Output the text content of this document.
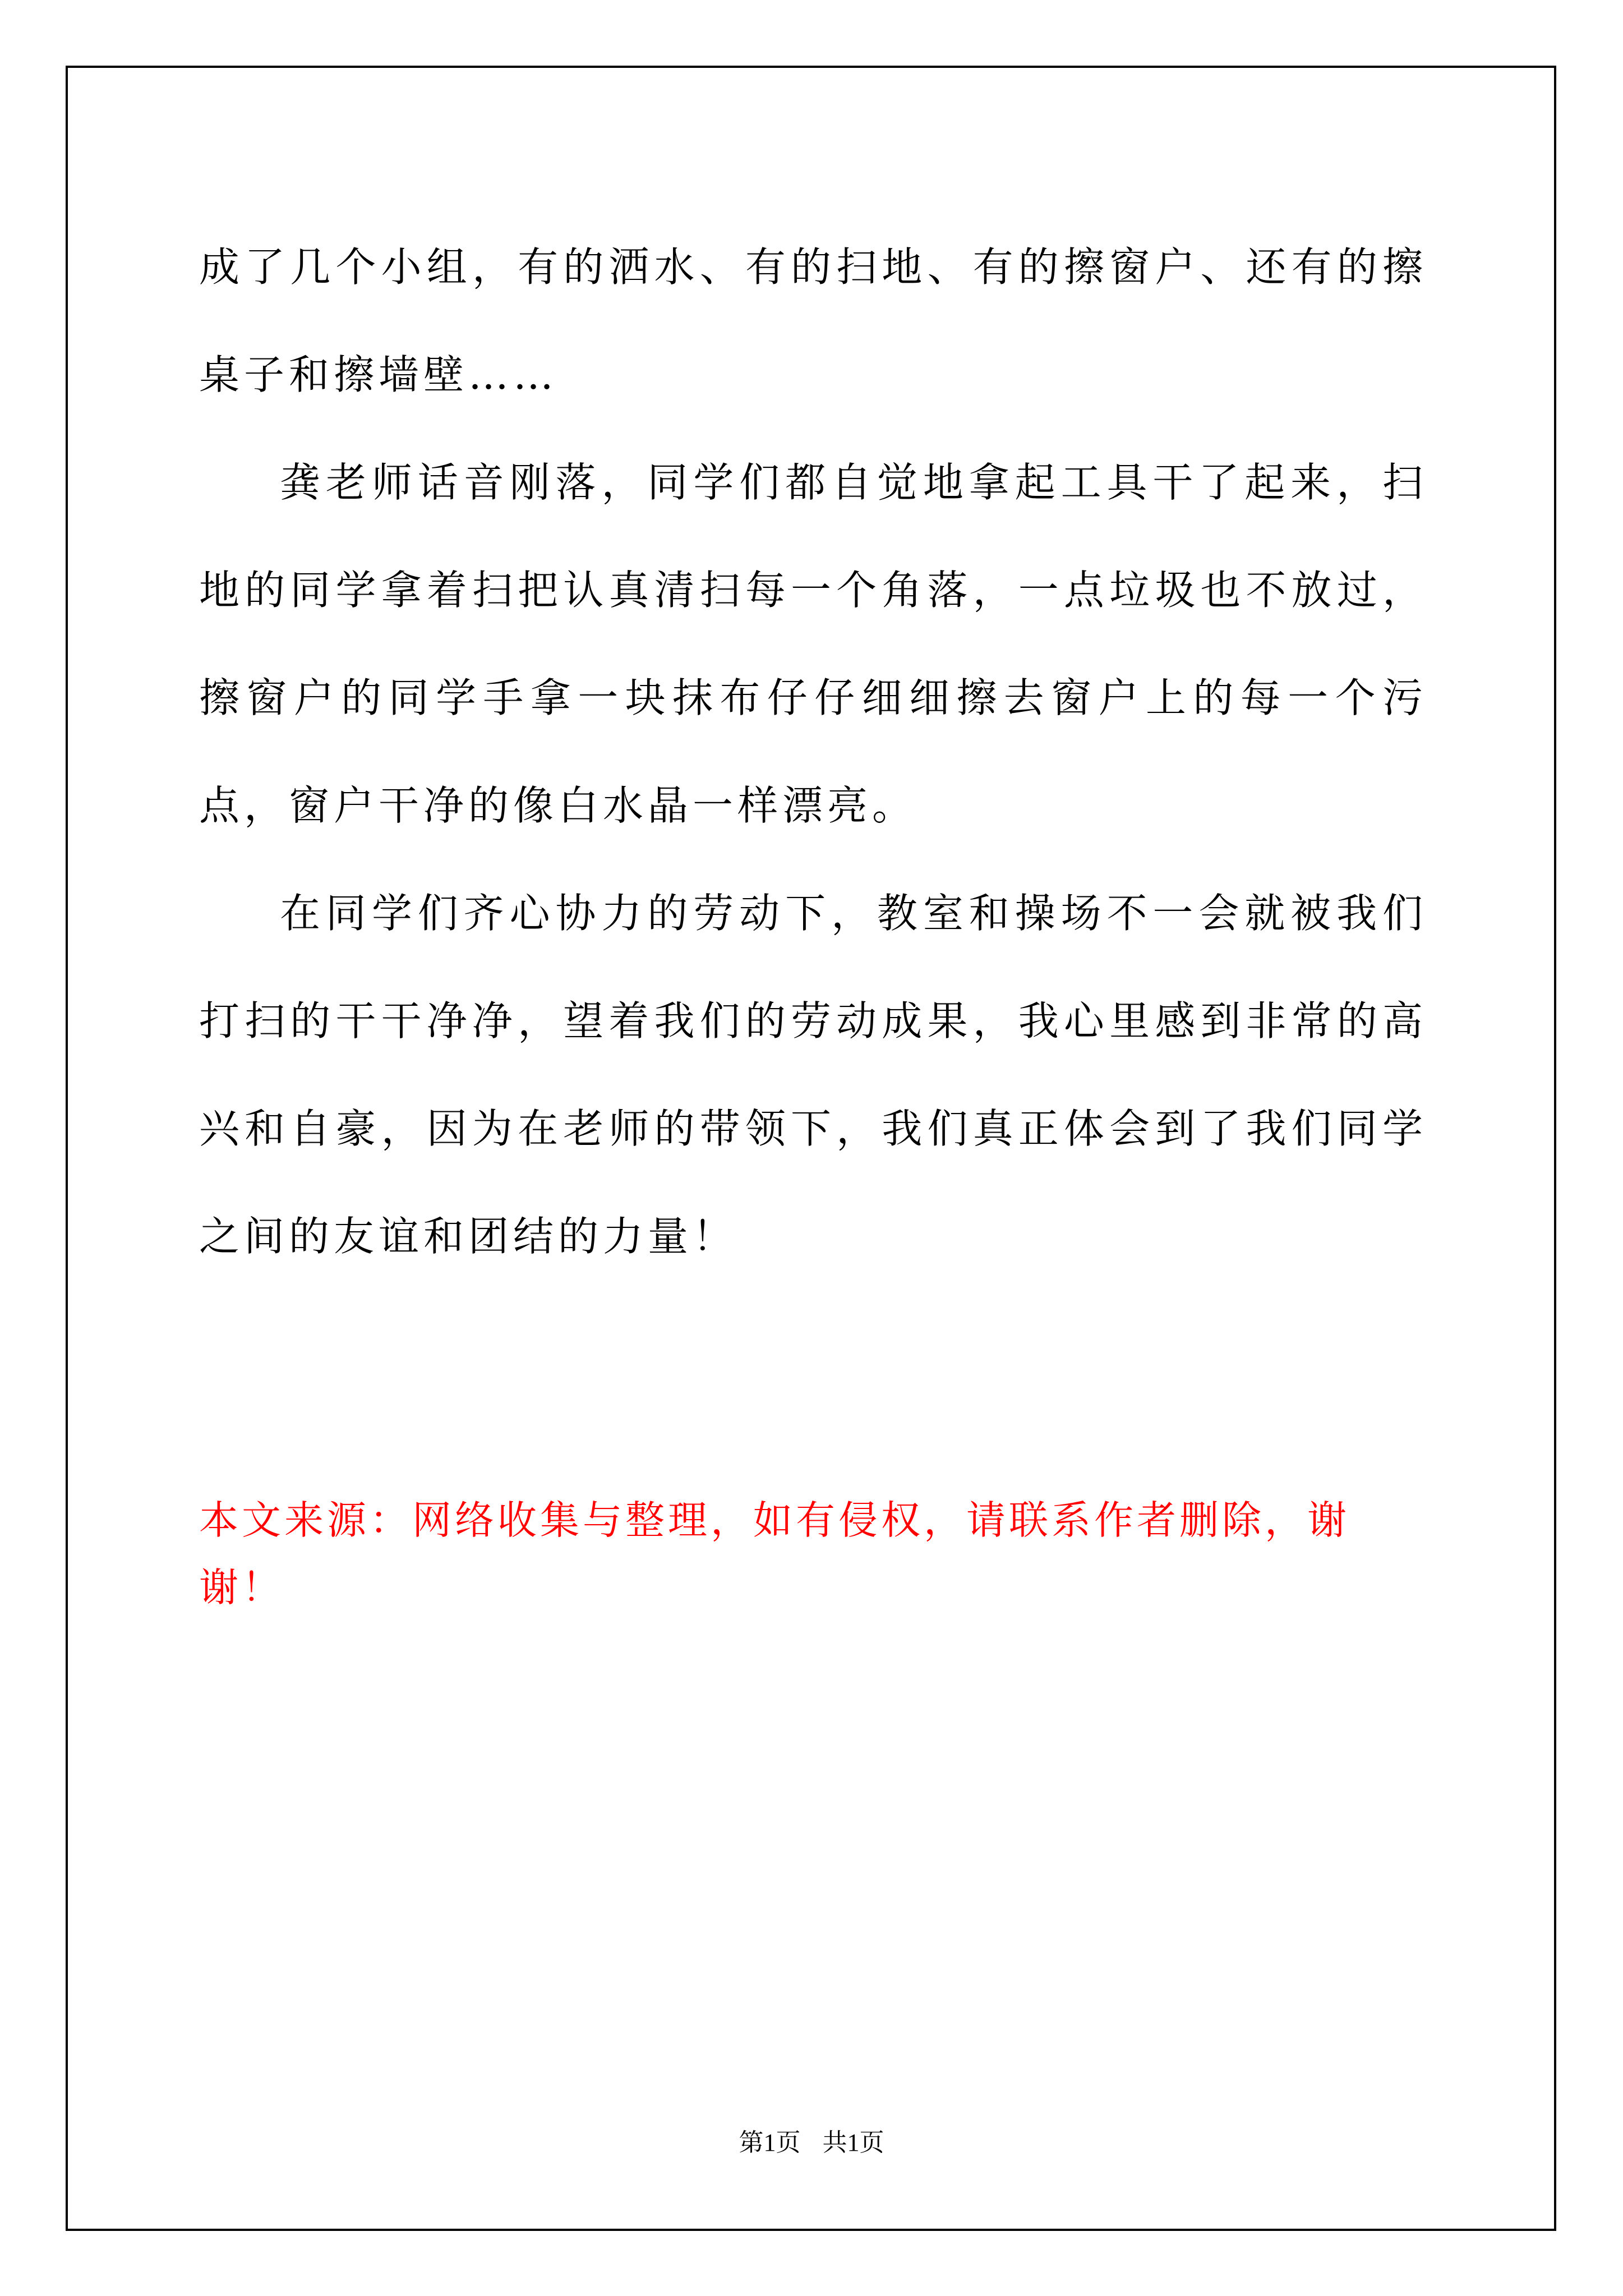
成了几个小组，有的洒水、有的扫地、有的擦窗户、还有的擦桌子和擦墙壁……

龚老师话音刚落，同学们都自觉地拿起工具干了起来，扫地的同学拿着扫把认真清扫每一个角落，一点垃圾也不放过，擦窗户的同学手拿一块抹布仔仔细细擦去窗户上的每一个污点，窗户干净的像白水晶一样漂亮。

在同学们齐心协力的劳动下，教室和操场不一会就被我们打扫的干干净净，望着我们的劳动成果，我心里感到非常的高兴和自豪，因为在老师的带领下，我们真正体会到了我们同学之间的友谊和团结的力量！

本文来源：网络收集与整理，如有侵权，请联系作者删除，谢谢！

第1页 共1页
